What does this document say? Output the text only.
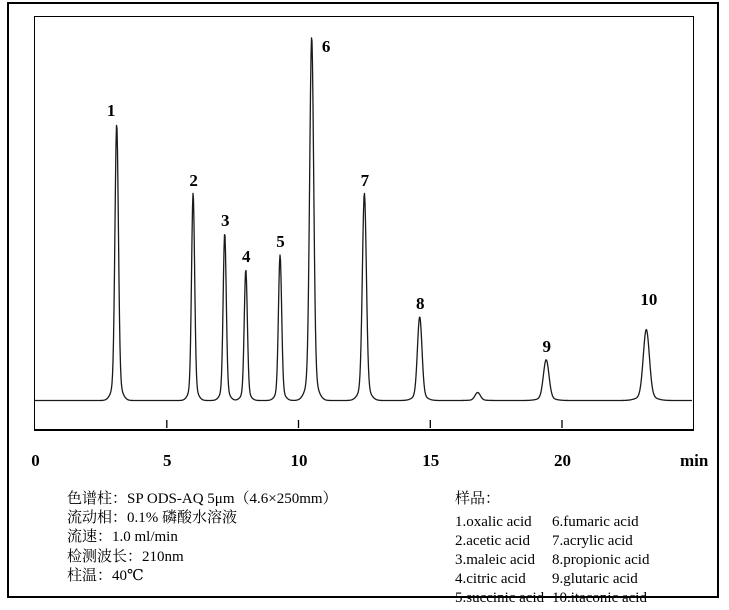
1
2
3
4
5
6
7
8
9
10
0	5	10	15	20	min
色谱柱：SP ODS-AQ 5μm（4.6×250mm）
流动相：0.1% 磷酸水溶液
流速：1.0 ml/min
检测波长：210nm
柱温：40℃
样品：
1.oxalic acid	6.fumaric acid
2.acetic acid	7.acrylic acid
3.maleic acid	8.propionic acid
4.citric acid	9.glutaric acid
5.succinic acid 10.itaconic acid
